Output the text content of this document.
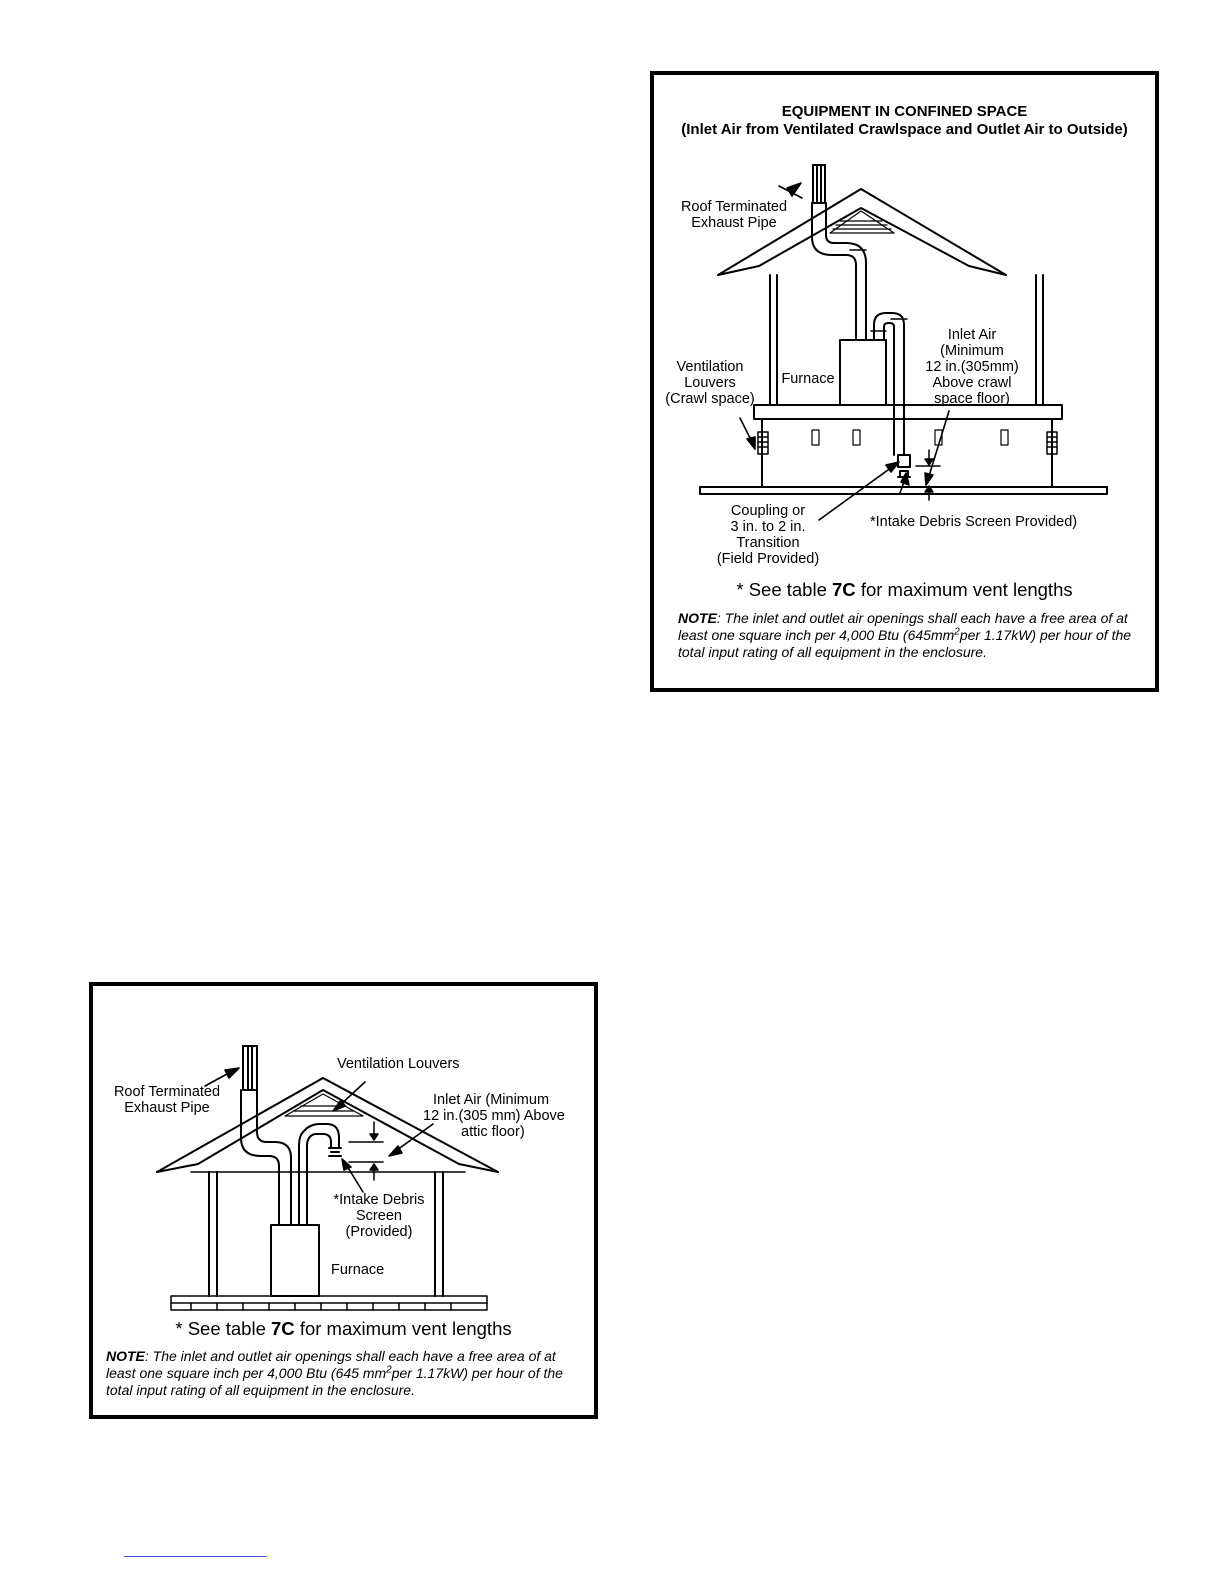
EQUIPMENT IN CONFINED SPACE
(Inlet Air from Ventilated Crawlspace and Outlet Air to Outside)
Roof Terminated
Exhaust Pipe
Ventilation
Louvers
(Crawl space)
Furnace
Inlet Air
(Minimum
12 in.(305mm)
Above crawl
space floor)
Coupling or
3 in. to 2 in.
Transition
(Field Provided)
*Intake Debris Screen Provided)
* See table 7C for maximum vent lengths
NOTE: The inlet and outlet air openings shall each have a free area of at least one square inch per 4,000 Btu ($645mm^2per$ 1.17kW) per hour of the total input rating of all equipment in the enclosure.
Roof Terminated
Exhaust Pipe
Ventilation Louvers
Inlet Air (Minimum
12 in.(305 mm) Above
attic floor)
*Intake Debris
Screen
(Provided)
Furnace
* See table 7C for maximum vent lengths
NOTE: The inlet and outlet air openings shall each have a free area of at least one square inch per 4,000 Btu (645 $mm^2per$ 1.17kW) per hour of the total input rating of all equipment in the enclosure.
